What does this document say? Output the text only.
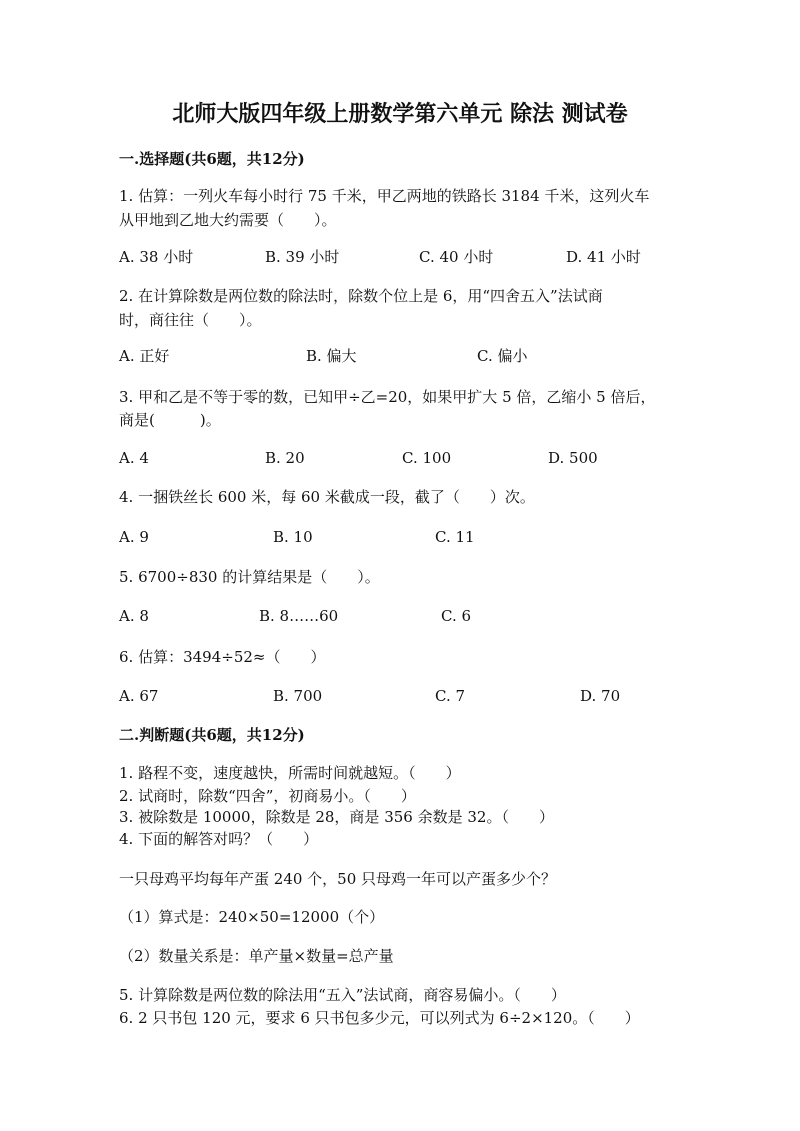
北师大版四年级上册数学第六单元 除法 测试卷
一.选择题(共6题，共12分)
1. 估算：一列火车每小时行 75 千米，甲乙两地的铁路长 3184 千米，这列火车
从甲地到乙地大约需要（　　）。
A. 38 小时	B. 39 小时	C. 40 小时	D. 41 小时
2. 在计算除数是两位数的除法时，除数个位上是 6，用“四舍五入”法试商
时，商往往（　　）。
A. 正好	B. 偏大	C. 偏小
3. 甲和乙是不等于零的数，已知甲÷乙=20，如果甲扩大 5 倍，乙缩小 5 倍后，
商是(　　　)。
A. 4	B. 20	C. 100	D. 500
4. 一捆铁丝长 600 米，每 60 米截成一段，截了（　　）次。
A. 9	B. 10	C. 11
5. 6700÷830 的计算结果是（　　）。
A. 8	B. 8……60	C. 6
6. 估算：3494÷52≈（　　）
A. 67	B. 700	C. 7	D. 70
二.判断题(共6题，共12分)
1. 路程不变，速度越快，所需时间就越短。（　　）
2. 试商时，除数“四舍”，初商易小。（　　）
3. 被除数是 10000，除数是 28，商是 356 余数是 32。（　　）
4. 下面的解答对吗？（　　）
一只母鸡平均每年产蛋 240 个，50 只母鸡一年可以产蛋多少个？
（1）算式是：240×50=12000（个）
（2）数量关系是：单产量×数量=总产量
5. 计算除数是两位数的除法用“五入”法试商，商容易偏小。（　　）
6. 2 只书包 120 元，要求 6 只书包多少元，可以列式为 6÷2×120。（　　）
